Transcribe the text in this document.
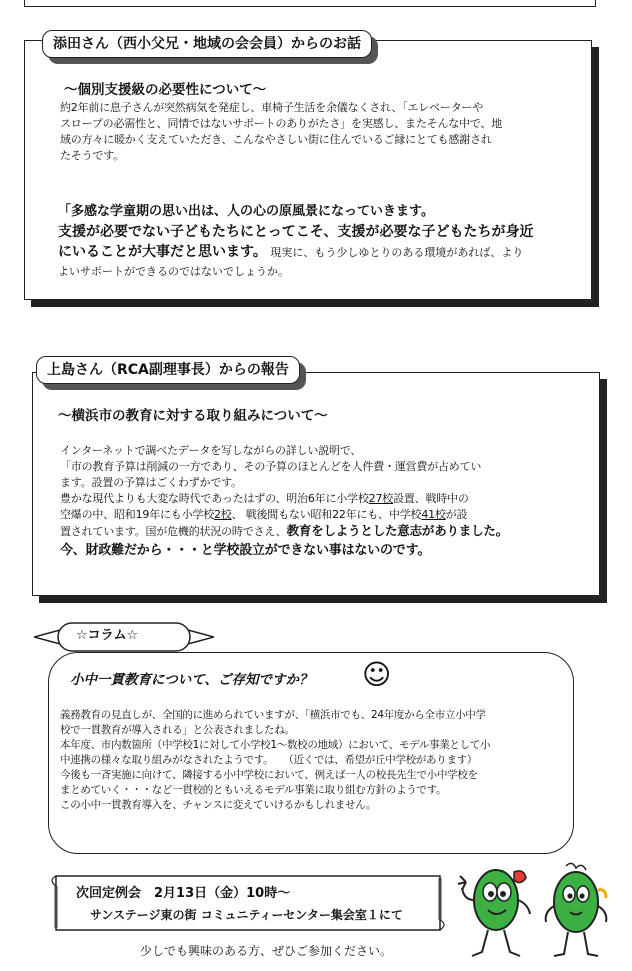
添田さん（西小父兄・地域の会会員）からのお話
～個別支援級の必要性について～
約2年前に息子さんが突然病気を発症し、車椅子生活を余儀なくされ、「エレベーターや
スロープの必需性と、同情ではないサポートのありがたさ」を実感し、またそんな中で、地
域の方々に暖かく支えていただき、こんなやさしい街に住んでいるご縁にとても感謝され
たそうです。
「多感な学童期の思い出は、人の心の原風景になっていきます。
支援が必要でない子どもたちにとってこそ、支援が必要な子どもたちが身近
にいることが大事だと思います。 現実に、もう少しゆとりのある環境があれば、より
よいサポートができるのではないでしょうか。
上島さん（RCA副理事長）からの報告
～横浜市の教育に対する取り組みについて～
インターネットで調べたデータを写しながらの詳しい説明で、
「市の教育予算は削減の一方であり、その予算のほとんどを人件費・運営費が占めてい
ます。設置の予算はごくわずかです。
豊かな現代よりも大変な時代であったはずの、明治6年に小学校27校設置、戦時中の
空爆の中、昭和19年にも小学校2校、 戦後間もない昭和22年にも、中学校41校が設
置されています。国が危機的状況の時でさえ、教育をしようとした意志がありました。
今、財政難だから・・・と学校設立ができない事はないのです。
☆コラム☆
小中一貫教育について、ご存知ですか？ ☺
義務教育の見直しが、全国的に進められていますが、「横浜市でも、24年度から全市立小中学
校で一貫教育が導入される」と公表されましたね。
本年度、市内数箇所（中学校1に対して小学校1～数校の地域）において、モデル事業として小
中連携の様々な取り組みがなされたようです。　　（近くでは、希望が丘中学校があります）
今後も一斉実施に向けて、隣接する小中学校において、例えば一人の校長先生で小中学校を
まとめていく・・・など一貫校的ともいえるモデル事業に取り組む方針のようです。
この小中一貫教育導入を、チャンスに変えていけるかもしれません。
次回定例会　2月13日（金）10時～
サンステージ東の街 コミュニティーセンター集会室１にて
少しでも興味のある方、ぜひご参加ください。
